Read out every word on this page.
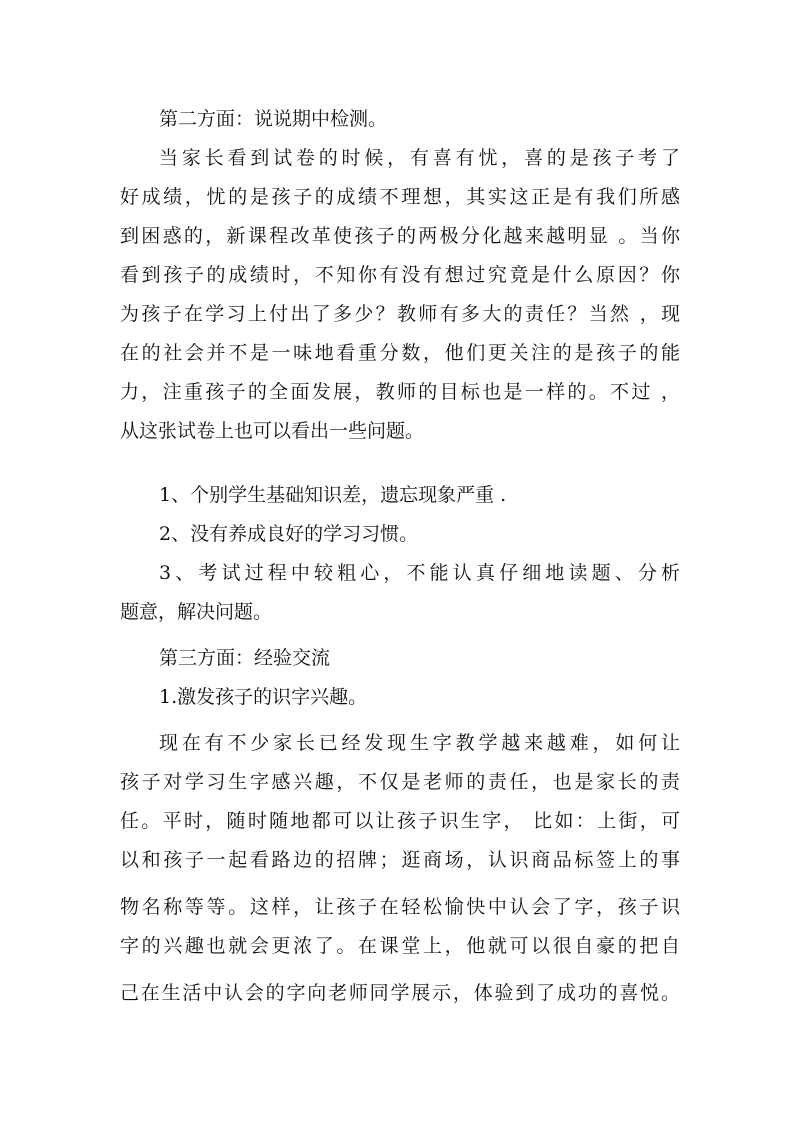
第二方面：说说期中检测。
当家长看到试卷的时候，有喜有忧，喜的是孩子考了
好成绩，忧的是孩子的成绩不理想，其实这正是有我们所感
到困惑的，新课程改革使孩子的两极分化越来越明显 。当你
看到孩子的成绩时，不知你有没有想过究竟是什么原因？你
为孩子在学习上付出了多少？教师有多大的责任？当然 ，现
在的社会并不是一味地看重分数，他们更关注的是孩子的能
力，注重孩子的全面发展，教师的目标也是一样的。不过 ，
从这张试卷上也可以看出一些问题。
1、个别学生基础知识差，遗忘现象严重 .
2、没有养成良好的学习习惯。
3、考试过程中较粗心，不能认真仔细地读题、分析
题意，解决问题。
第三方面：经验交流
1.激发孩子的识字兴趣。
现在有不少家长已经发现生字教学越来越难，如何让
孩子对学习生字感兴趣，不仅是老师的责任，也是家长的责
任。平时，随时随地都可以让孩子识生字， 比如：上街，可
以和孩子一起看路边的招牌；逛商场，认识商品标签上的事
物名称等等。这样，让孩子在轻松愉快中认会了字，孩子识
字的兴趣也就会更浓了。在课堂上，他就可以很自豪的把自
己在生活中认会的字向老师同学展示，体验到了成功的喜悦。
